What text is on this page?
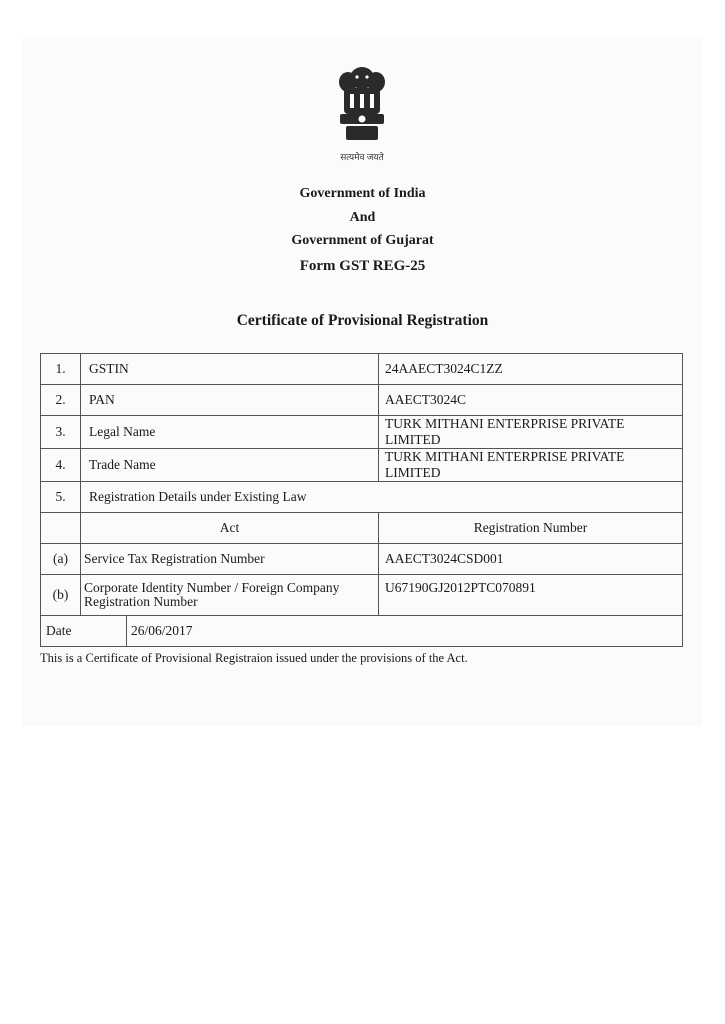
सत्यमेव जयते
Government of India
And
Government of Gujarat
Form GST REG-25
Certificate of Provisional Registration
1.	GSTIN		24AAECT3024C1ZZ
2.	PAN		AAECT3024C
3.	Legal Name		TURK MITHANI ENTERPRISE PRIVATE LIMITED
4.	Trade Name		TURK MITHANI ENTERPRISE PRIVATE LIMITED
5.	Registration Details under Existing Law		
	Act		Registration Number
(a)	Service Tax Registration Number		AAECT3024CSD001
(b)	Corporate Identity Number / Foreign Company Registration Number		U67190GJ2012PTC070891

Date 26/06/2017			

This is a Certificate of Provisional Registraion issued under the provisions of the Act.
